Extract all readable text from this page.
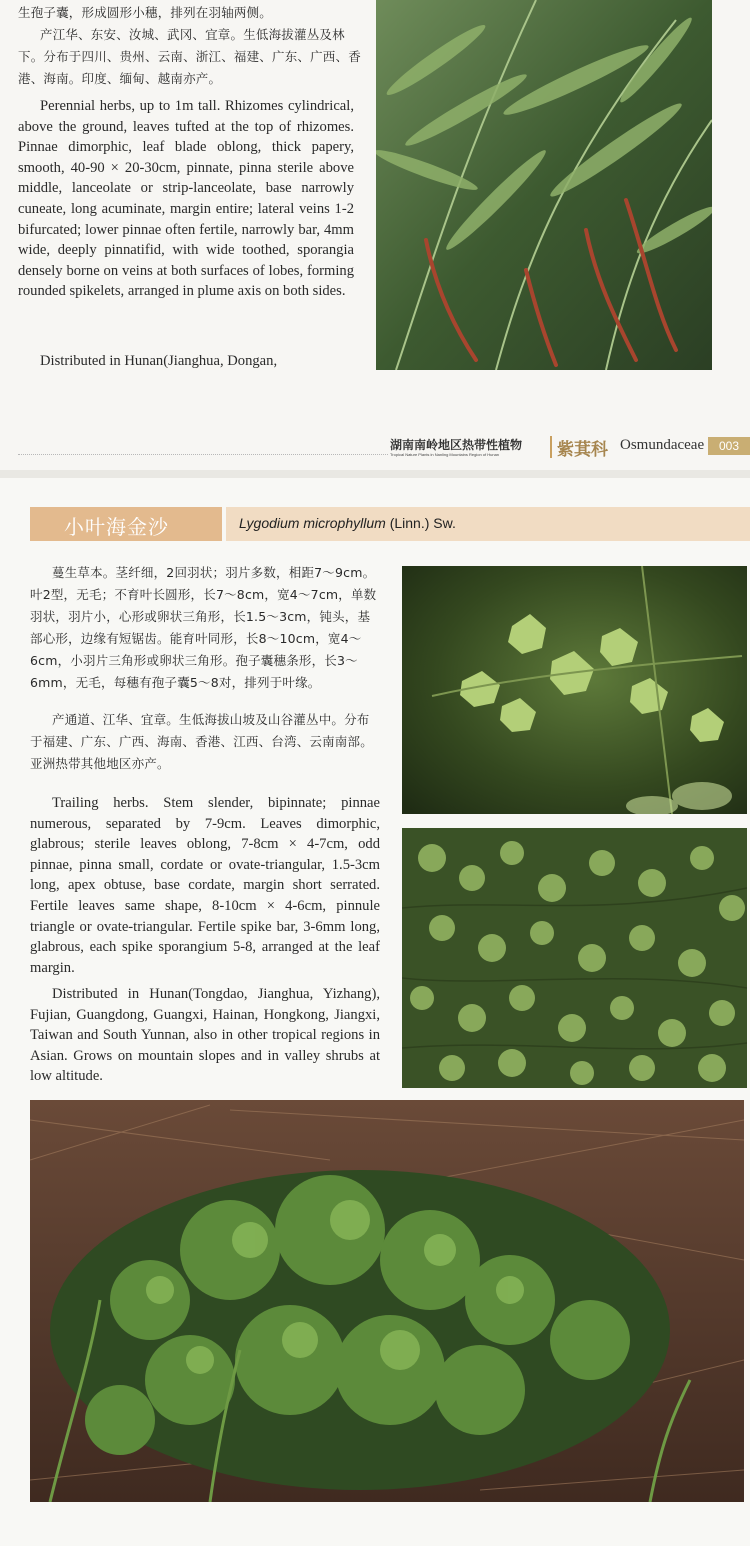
生孢子囊，形成圆形小穗，排列在羽轴两侧。
产江华、东安、汝城、武冈、宜章。生低海拔灌丛及林下。分布于四川、贵州、云南、浙江、福建、广东、广西、香港、海南。印度、缅甸、越南亦产。

Perennial herbs, up to 1m tall. Rhizomes cylindrical, above the ground, leaves tufted at the top of rhizomes. Pinnae dimorphic, leaf blade oblong, thick papery, smooth, 40-90 × 20-30cm, pinnate, pinna sterile above middle, lanceolate or strip-lanceolate, base narrowly cuneate, long acuminate, margin entire; lateral veins 1-2 bifurcated; lower pinnae often fertile, narrowly bar, 4mm wide, deeply pinnatifid, with wide toothed, sporangia densely borne on veins at both surfaces of lobes, forming rounded spikelets, arranged in plume axis on both sides.

Distributed in Hunan(Jianghua, Dongan,

湖南南岭地区热带性植物
Tropical Nature Plants in Nanling Mountains Region of Hunan	紫萁科 Osmundaceae	003
小叶海金沙	Lygodium microphyllum (Linn.) Sw.

蔓生草本。茎纤细，2回羽状；羽片多数，相距7～9cm。叶2型，无毛；不育叶长圆形，长7～8cm，宽4～7cm，单数羽状，羽片小，心形或卵状三角形，长1.5～3cm，钝头，基部心形，边缘有短锯齿。能育叶同形，长8～10cm，宽4～6cm，小羽片三角形或卵状三角形。孢子囊穗条形，长3～6mm，无毛，每穗有孢子囊5～8对，排列于叶缘。

产通道、江华、宜章。生低海拔山坡及山谷灌丛中。分布于福建、广东、广西、海南、香港、江西、台湾、云南南部。亚洲热带其他地区亦产。

Trailing herbs. Stem slender, bipinnate; pinnae numerous, separated by 7-9cm. Leaves dimorphic, glabrous; sterile leaves oblong, 7-8cm × 4-7cm, odd pinnae, pinna small, cordate or ovate-triangular, 1.5-3cm long, apex obtuse, base cordate, margin short serrated. Fertile leaves same shape, 8-10cm × 4-6cm, pinnule triangle or ovate-triangular. Fertile spike bar, 3-6mm long, glabrous, each spike sporangium 5-8, arranged at the leaf margin.

Distributed in Hunan(Tongdao, Jianghua, Yizhang), Fujian, Guangdong, Guangxi, Hainan, Hongkong, Jiangxi, Taiwan and South Yunnan, also in other tropical regions in Asian. Grows on mountain slopes and in valley shrubs at low altitude.
